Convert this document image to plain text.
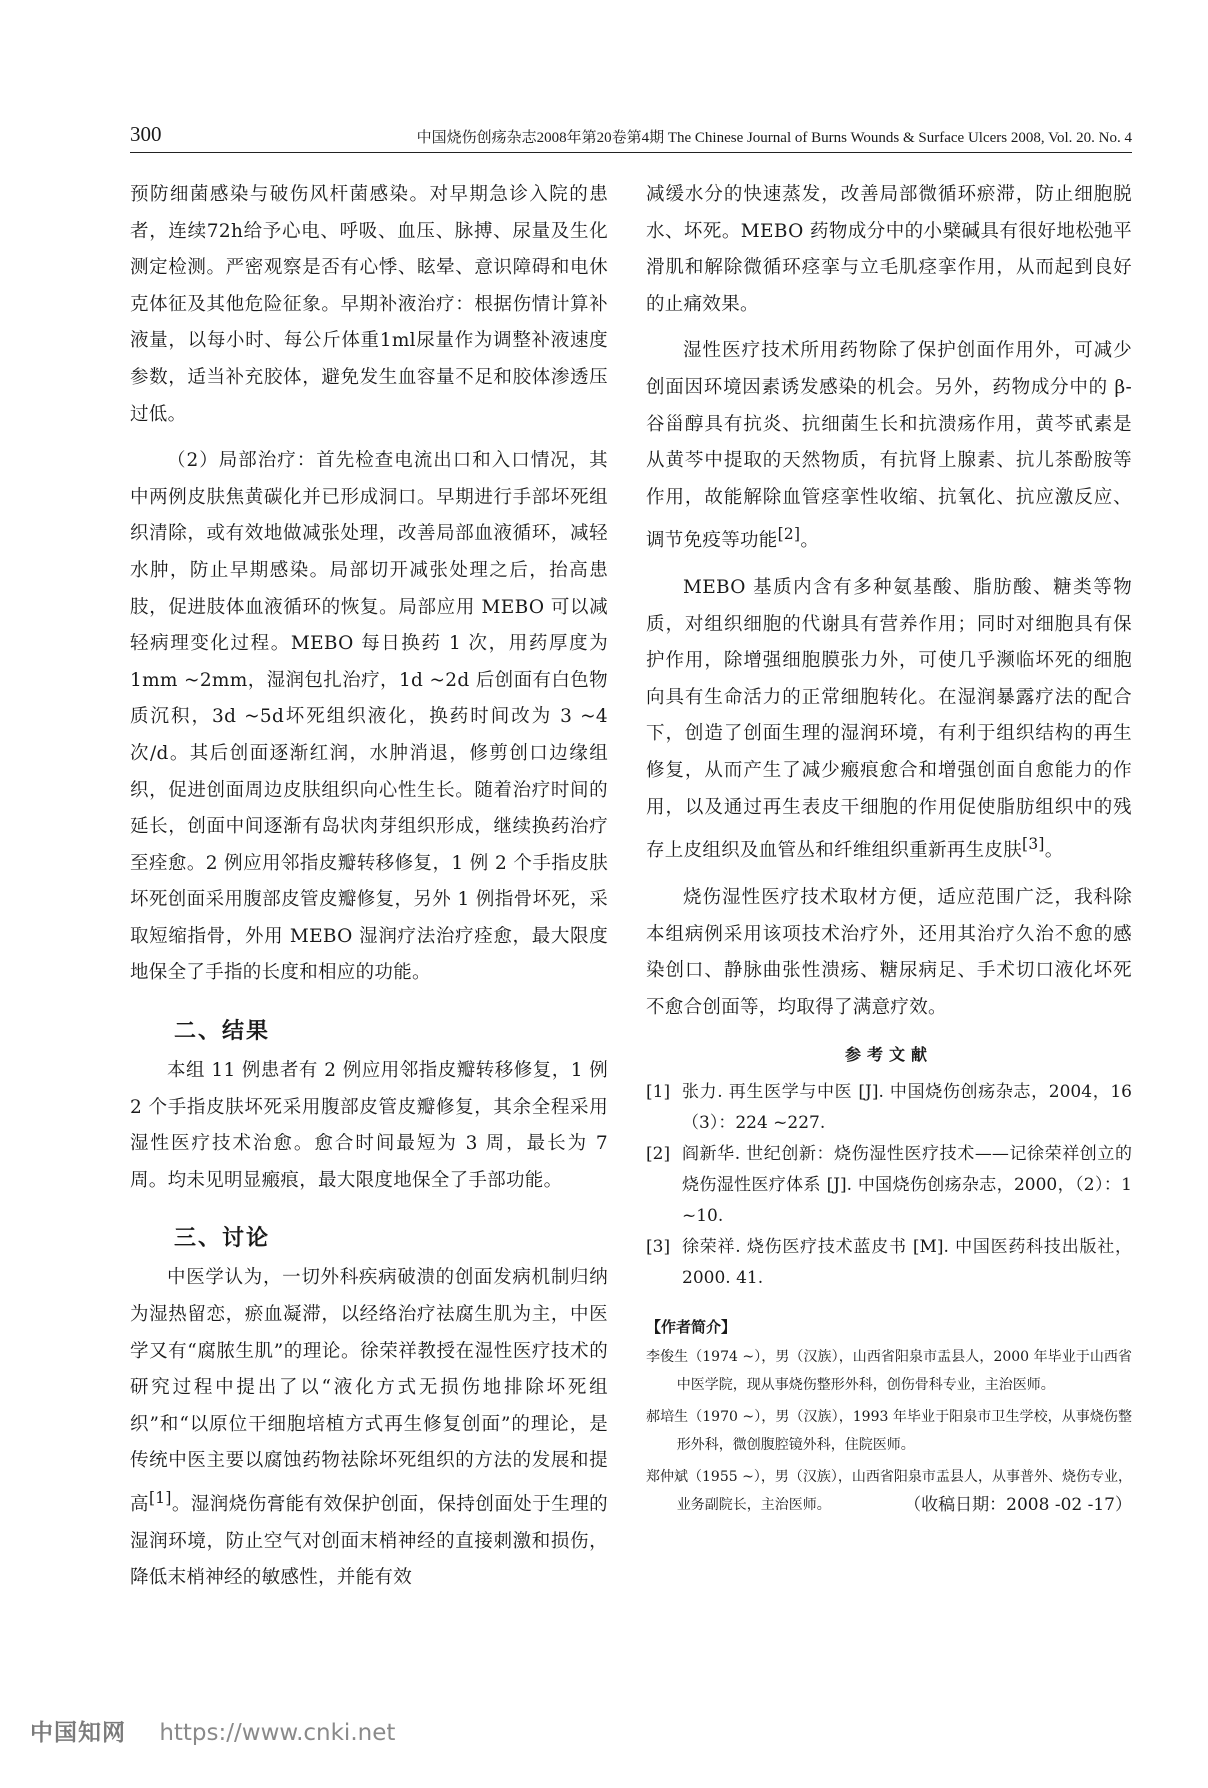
300	中国烧伤创疡杂志2008年第20卷第4期 The Chinese Journal of Burns Wounds & Surface Ulcers 2008, Vol. 20. No. 4

预防细菌感染与破伤风杆菌感染。对早期急诊入院的患者，连续72h给予心电、呼吸、血压、脉搏、尿量及生化测定检测。严密观察是否有心悸、眩晕、意识障碍和电休克体征及其他危险征象。早期补液治疗：根据伤情计算补液量，以每小时、每公斤体重1ml尿量作为调整补液速度参数，适当补充胶体，避免发生血容量不足和胶体渗透压过低。

（2）局部治疗：首先检查电流出口和入口情况，其中两例皮肤焦黄碳化并已形成洞口。早期进行手部坏死组织清除，或有效地做减张处理，改善局部血液循环，减轻水肿，防止早期感染。局部切开减张处理之后，抬高患肢，促进肢体血液循环的恢复。局部应用 MEBO 可以减轻病理变化过程。MEBO 每日换药 1 次，用药厚度为 1mm ~2mm，湿润包扎治疗，1d ~2d 后创面有白色物质沉积，3d ~5d坏死组织液化，换药时间改为 3 ~4 次/d。其后创面逐渐红润，水肿消退，修剪创口边缘组织，促进创面周边皮肤组织向心性生长。随着治疗时间的延长，创面中间逐渐有岛状肉芽组织形成，继续换药治疗至痊愈。2 例应用邻指皮瓣转移修复，1 例 2 个手指皮肤坏死创面采用腹部皮管皮瓣修复，另外 1 例指骨坏死，采取短缩指骨，外用 MEBO 湿润疗法治疗痊愈，最大限度地保全了手指的长度和相应的功能。

二、结果

本组 11 例患者有 2 例应用邻指皮瓣转移修复，1 例 2 个手指皮肤坏死采用腹部皮管皮瓣修复，其余全程采用湿性医疗技术治愈。愈合时间最短为 3 周，最长为 7 周。均未见明显瘢痕，最大限度地保全了手部功能。

三、讨论

中医学认为，一切外科疾病破溃的创面发病机制归纳为湿热留恋，瘀血凝滞，以经络治疗祛腐生肌为主，中医学又有“腐脓生肌”的理论。徐荣祥教授在湿性医疗技术的研究过程中提出了以“液化方式无损伤地排除坏死组织”和“以原位干细胞培植方式再生修复创面”的理论，是传统中医主要以腐蚀药物祛除坏死组织的方法的发展和提高[1]。湿润烧伤膏能有效保护创面，保持创面处于生理的湿润环境，防止空气对创面末梢神经的直接刺激和损伤，降低末梢神经的敏感性，并能有效

减缓水分的快速蒸发，改善局部微循环瘀滞，防止细胞脱水、坏死。MEBO 药物成分中的小檗碱具有很好地松弛平滑肌和解除微循环痉挛与立毛肌痉挛作用，从而起到良好的止痛效果。

湿性医疗技术所用药物除了保护创面作用外，可减少创面因环境因素诱发感染的机会。另外，药物成分中的 β-谷甾醇具有抗炎、抗细菌生长和抗溃疡作用，黄芩甙素是从黄芩中提取的天然物质，有抗肾上腺素、抗儿茶酚胺等作用，故能解除血管痉挛性收缩、抗氧化、抗应激反应、调节免疫等功能[2]。

MEBO 基质内含有多种氨基酸、脂肪酸、糖类等物质，对组织细胞的代谢具有营养作用；同时对细胞具有保护作用，除增强细胞膜张力外，可使几乎濒临坏死的细胞向具有生命活力的正常细胞转化。在湿润暴露疗法的配合下，创造了创面生理的湿润环境，有利于组织结构的再生修复，从而产生了减少瘢痕愈合和增强创面自愈能力的作用，以及通过再生表皮干细胞的作用促使脂肪组织中的残存上皮组织及血管丛和纤维组织重新再生皮肤[3]。

烧伤湿性医疗技术取材方便，适应范围广泛，我科除本组病例采用该项技术治疗外，还用其治疗久治不愈的感染创口、静脉曲张性溃疡、糖尿病足、手术切口液化坏死不愈合创面等，均取得了满意疗效。

参考文献

[1] 张力. 再生医学与中医 [J]. 中国烧伤创疡杂志，2004，16（3）：224 ~227.

[2] 阎新华. 世纪创新：烧伤湿性医疗技术——记徐荣祥创立的烧伤湿性医疗体系 [J]. 中国烧伤创疡杂志，2000，（2）：1 ~10.

[3] 徐荣祥. 烧伤医疗技术蓝皮书 [M]. 中国医药科技出版社，2000. 41.

【作者简介】

李俊生（1974 ~），男（汉族），山西省阳泉市盂县人，2000 年毕业于山西省中医学院，现从事烧伤整形外科，创伤骨科专业，主治医师。

郝培生（1970 ~），男（汉族），1993 年毕业于阳泉市卫生学校，从事烧伤整形外科，微创腹腔镜外科，住院医师。

郑仲斌（1955 ~），男（汉族），山西省阳泉市盂县人，从事普外、烧伤专业，业务副院长，主治医师。	（收稿日期：2008 -02 -17）
中国知网 https://www.cnki.net
